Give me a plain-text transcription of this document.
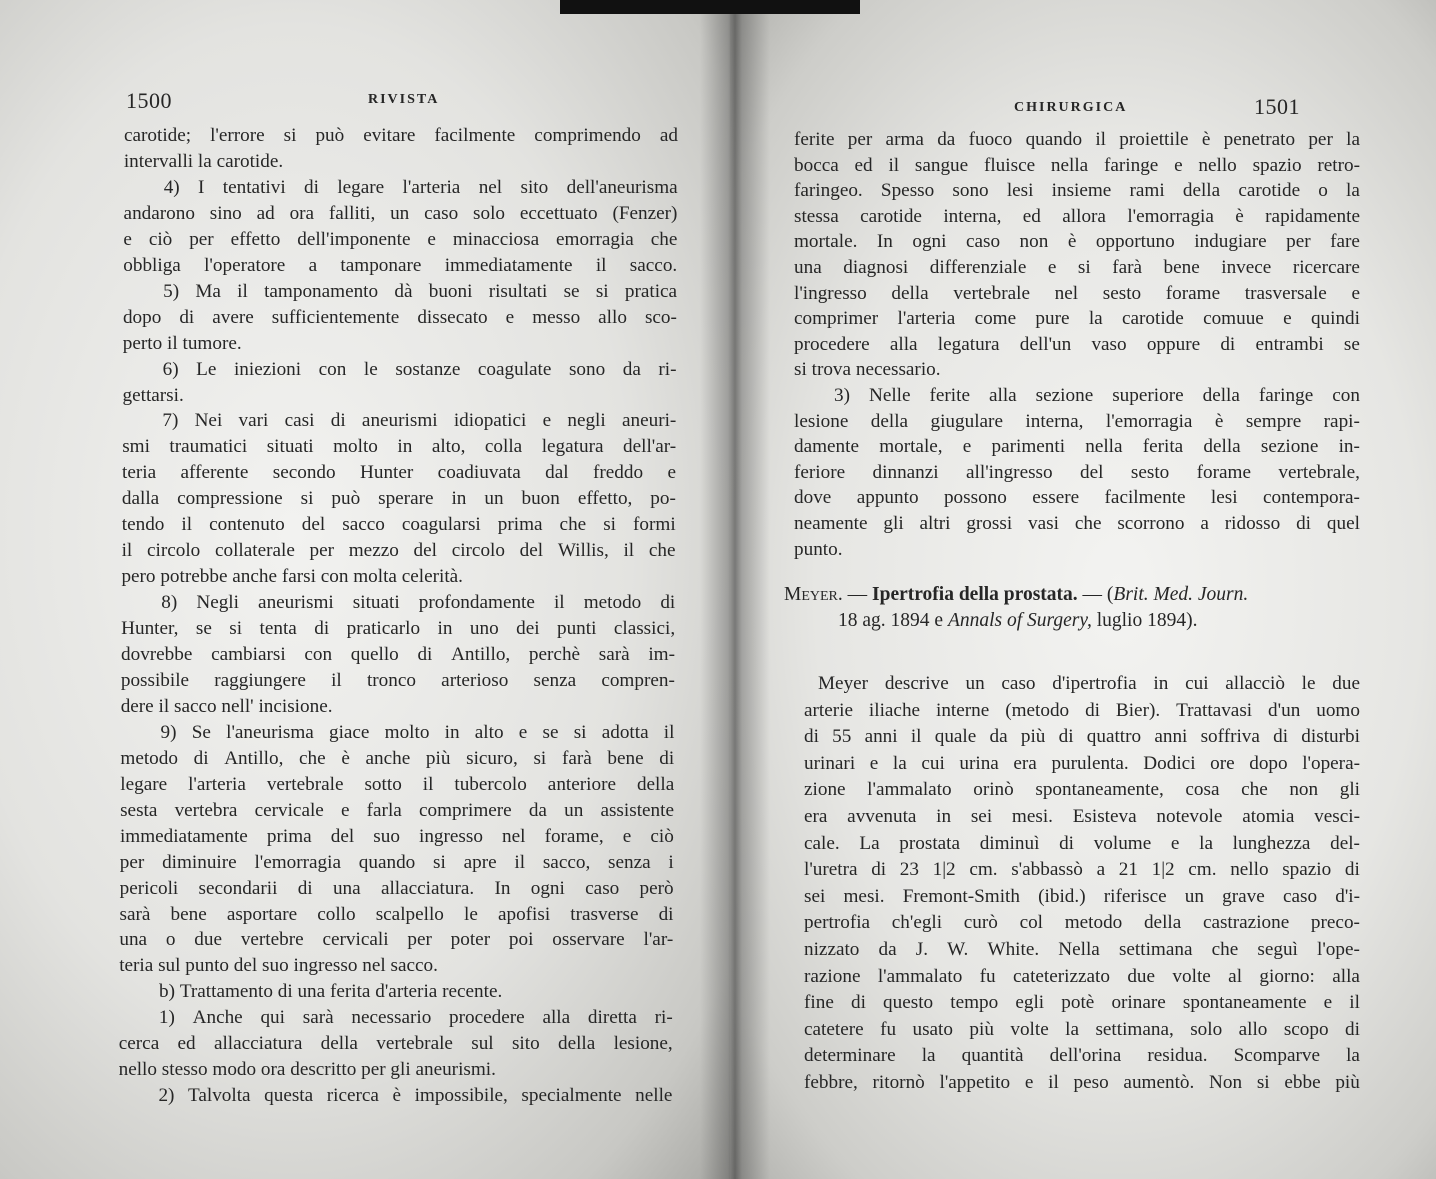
1500	RIVISTA
carotide; l'errore si può evitare facilmente comprimendo ad
intervalli la carotide.
4) I tentativi di legare l'arteria nel sito dell'aneurisma
andarono sino ad ora falliti, un caso solo eccettuato (Fenzer)
e ciò per effetto dell'imponente e minacciosa emorragia che
obbliga l'operatore a tamponare immediatamente il sacco.
5) Ma il tamponamento dà buoni risultati se si pratica
dopo di avere sufficientemente dissecato e messo allo sco-
perto il tumore.
6) Le iniezioni con le sostanze coagulate sono da ri-
gettarsi.
7) Nei vari casi di aneurismi idiopatici e negli aneuri-
smi traumatici situati molto in alto, colla legatura dell'ar-
teria afferente secondo Hunter coadiuvata dal freddo e
dalla compressione si può sperare in un buon effetto, po-
tendo il contenuto del sacco coagularsi prima che si formi
il circolo collaterale per mezzo del circolo del Willis, il che
pero potrebbe anche farsi con molta celerità.
8) Negli aneurismi situati profondamente il metodo di
Hunter, se si tenta di praticarlo in uno dei punti classici,
dovrebbe cambiarsi con quello di Antillo, perchè sarà im-
possibile raggiungere il tronco arterioso senza compren-
dere il sacco nell' incisione.
9) Se l'aneurisma giace molto in alto e se si adotta il
metodo di Antillo, che è anche più sicuro, si farà bene di
legare l'arteria vertebrale sotto il tubercolo anteriore della
sesta vertebra cervicale e farla comprimere da un assistente
immediatamente prima del suo ingresso nel forame, e ciò
per diminuire l'emorragia quando si apre il sacco, senza i
pericoli secondarii di una allacciatura. In ogni caso però
sarà bene asportare collo scalpello le apofisi trasverse di
una o due vertebre cervicali per poter poi osservare l'ar-
teria sul punto del suo ingresso nel sacco.
b) Trattamento di una ferita d'arteria recente.
1) Anche qui sarà necessario procedere alla diretta ri-
cerca ed allacciatura della vertebrale sul sito della lesione,
nello stesso modo ora descritto per gli aneurismi.
2) Talvolta questa ricerca è impossibile, specialmente nelle
CHIRURGICA	1501
Meyer. — Ipertrofia della prostata. — ( Brit. Med. Journ.
18 ag. 1894 e Annals of Surgery, luglio 1894).
ferite per arma da fuoco quando il proiettile è penetrato per la
bocca ed il sangue fluisce nella faringe e nello spazio retro-
faringeo. Spesso sono lesi insieme rami della carotide o la
stessa carotide interna, ed allora l'emorragia è rapidamente
mortale. In ogni caso non è opportuno indugiare per fare
una diagnosi differenziale e si farà bene invece ricercare
l'ingresso della vertebrale nel sesto forame trasversale e
comprimer l'arteria come pure la carotide comuue e quindi
procedere alla legatura dell'un vaso oppure di entrambi se
si trova necessario.
3) Nelle ferite alla sezione superiore della faringe con
lesione della giugulare interna, l'emorragia è sempre rapi-
damente mortale, e parimenti nella ferita della sezione in-
feriore dinnanzi all'ingresso del sesto forame vertebrale,
dove appunto possono essere facilmente lesi contempora-
neamente gli altri grossi vasi che scorrono a ridosso di quel
punto.
Meyer descrive un caso d'ipertrofia in cui allacciò le due
arterie iliache interne (metodo di Bier). Trattavasi d'un uomo
di 55 anni il quale da più di quattro anni soffriva di disturbi
urinari e la cui urina era purulenta. Dodici ore dopo l'opera-
zione l'ammalato orinò spontaneamente, cosa che non gli
era avvenuta in sei mesi. Esisteva notevole atomia vesci-
cale. La prostata diminuì di volume e la lunghezza del-
l'uretra di 23 1|2 cm. s'abbassò a 21 1|2 cm. nello spazio di
sei mesi. Fremont-Smith (ibid.) riferisce un grave caso d'i-
pertrofia ch'egli curò col metodo della castrazione preco-
nizzato da J. W. White. Nella settimana che seguì l'ope-
razione l'ammalato fu cateterizzato due volte al giorno: alla
fine di questo tempo egli potè orinare spontaneamente e il
catetere fu usato più volte la settimana, solo allo scopo di
determinare la quantità dell'orina residua. Scomparve la
febbre, ritornò l'appetito e il peso aumentò. Non si ebbe più
